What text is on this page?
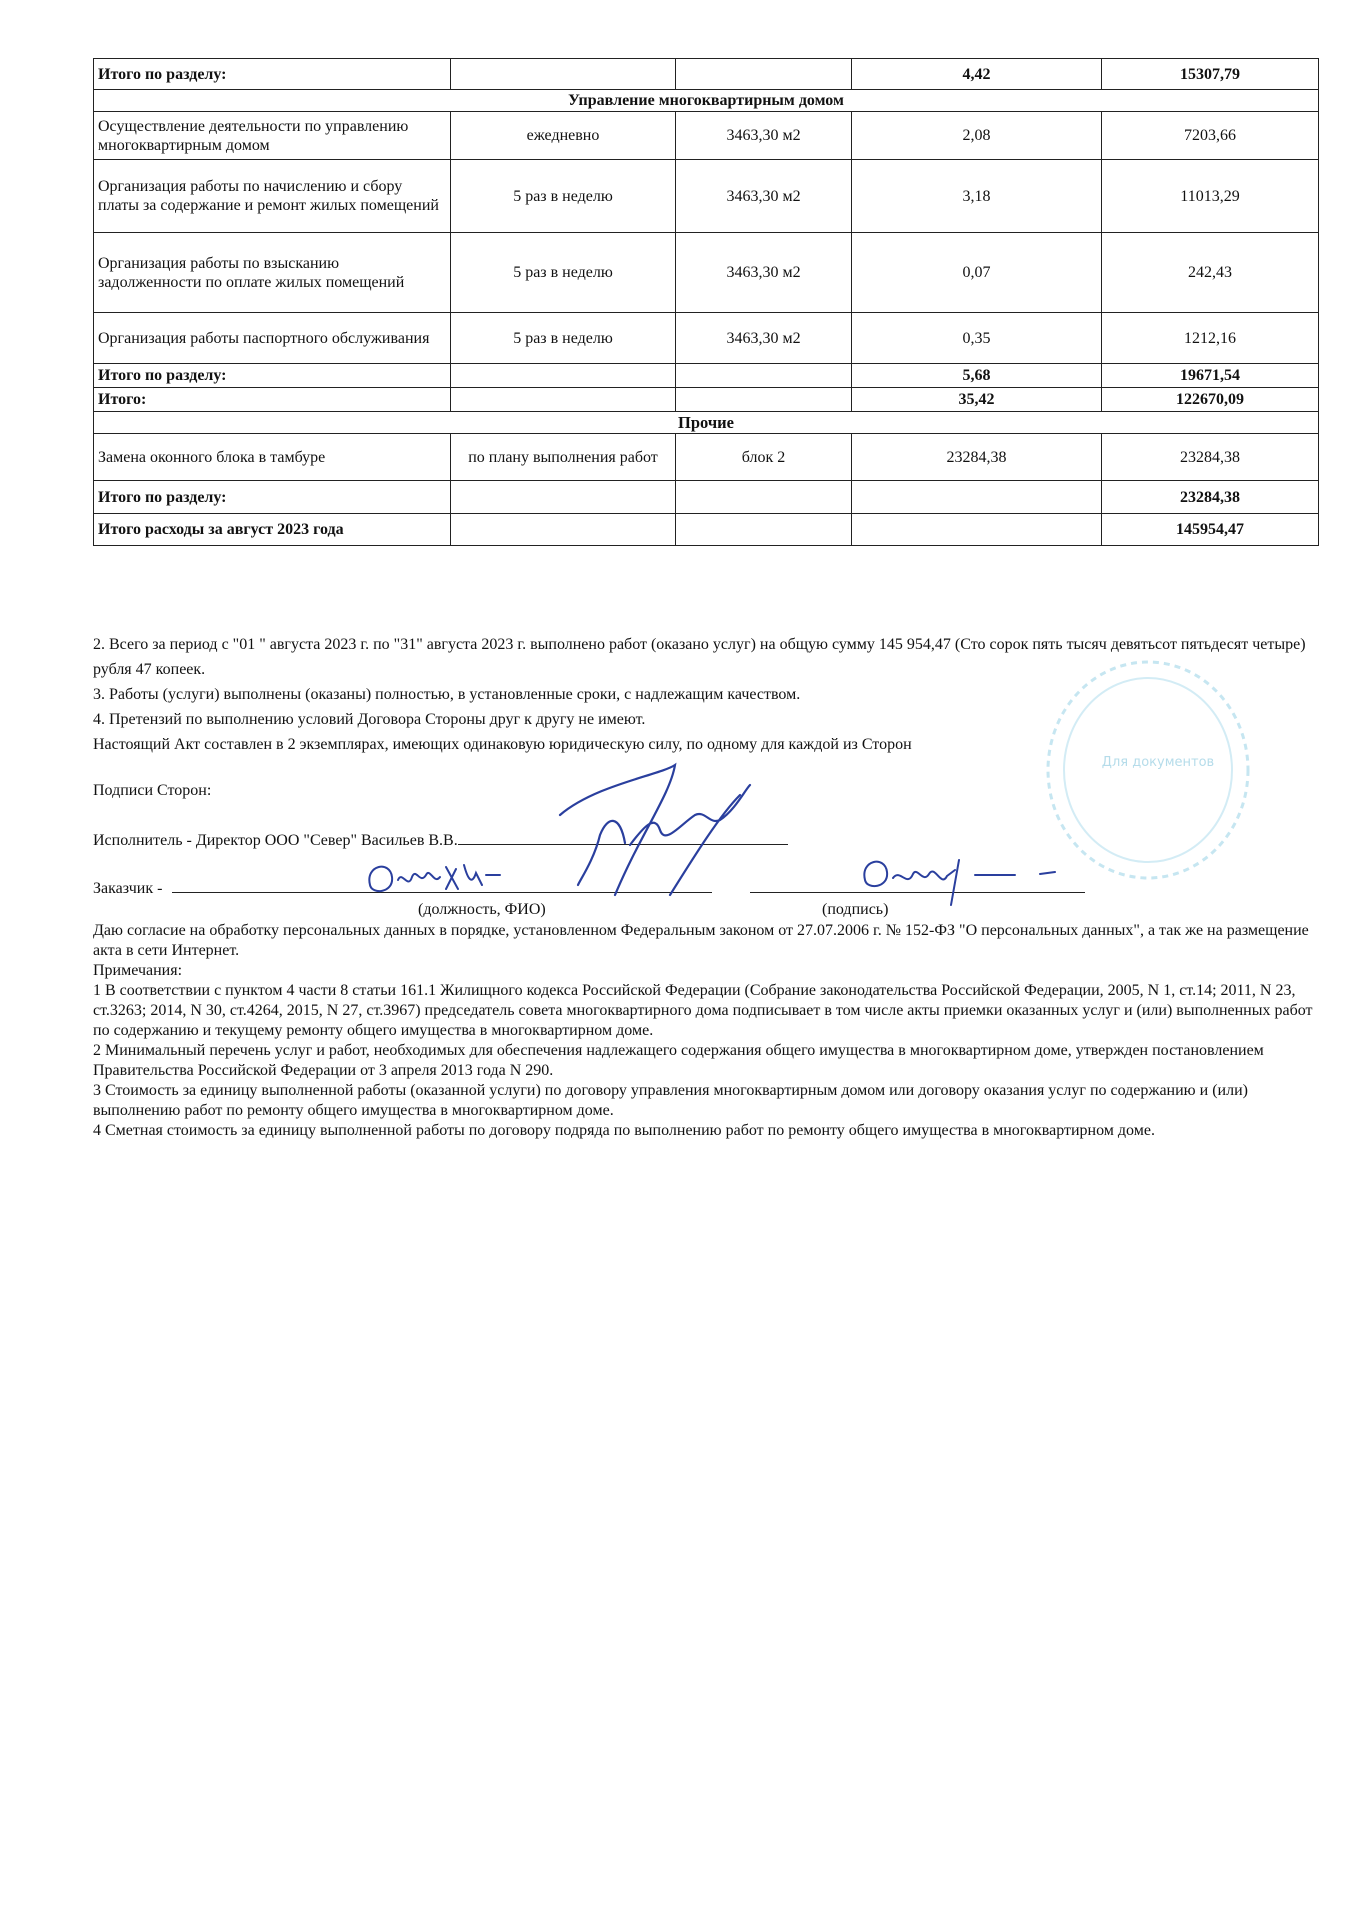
Итого по разделу:			4,42	15307,79
Управление многоквартирным домом				
Осуществление деятельности по управлению многоквартирным домом	ежедневно	3463,30 м2	2,08	7203,66
Организация работы по начислению и сбору платы за содержание и ремонт жилых помещений	5 раз в неделю	3463,30 м2	3,18	11013,29
Организация работы по взысканию задолженности по оплате жилых помещений	5 раз в неделю	3463,30 м2	0,07	242,43
Организация работы паспортного обслуживания	5 раз в неделю	3463,30 м2	0,35	1212,16
Итого по разделу:			5,68	19671,54
Итого:			35,42	122670,09
Прочие				
Замена оконного блока в тамбуре	по плану выполнения работ	блок 2	23284,38	23284,38
Итого по разделу:				23284,38
Итого расходы за август 2023 года				145954,47

2. Всего за период с "01 " августа 2023 г. по "31" августа 2023 г. выполнено работ (оказано услуг) на общую сумму 145 954,47 (Сто сорок пять тысяч девятьсот пятьдесят четыре) рубля 47 копеек.

3. Работы (услуги) выполнены (оказаны) полностью, в установленные сроки, с надлежащим качеством.

4. Претензий по выполнению условий Договора Стороны друг к другу не имеют.

Настоящий Акт составлен в 2 экземплярах, имеющих одинаковую юридическую силу, по одному для каждой из Сторон

Подписи Сторон:
Исполнитель - Директор ООО "Север" Васильев В.В.
Заказчик -
(должность, ФИО)	(подпись)

Даю согласие на обработку персональных данных в порядке, установленном Федеральным законом от 27.07.2006 г. № 152-ФЗ "О персональных данных", а так же на размещение акта в сети Интернет.

Примечания:

1 В соответствии с пунктом 4 части 8 статьи 161.1 Жилищного кодекса Российской Федерации (Собрание законодательства Российской Федерации, 2005, N 1, ст.14; 2011, N 23, ст.3263; 2014, N 30, ст.4264, 2015, N 27, ст.3967) председатель совета многоквартирного дома подписывает в том числе акты приемки оказанных услуг и (или) выполненных работ по содержанию и текущему ремонту общего имущества в многоквартирном доме.

2 Минимальный перечень услуг и работ, необходимых для обеспечения надлежащего содержания общего имущества в многоквартирном доме, утвержден постановлением Правительства Российской Федерации от 3 апреля 2013 года N 290.

3 Стоимость за единицу выполненной работы (оказанной услуги) по договору управления многоквартирным домом или договору оказания услуг по содержанию и (или) выполнению работ по ремонту общего имущества в многоквартирном доме.

4 Сметная стоимость за единицу выполненной работы по договору подряда по выполнению работ по ремонту общего имущества в многоквартирном доме.

Для документов
